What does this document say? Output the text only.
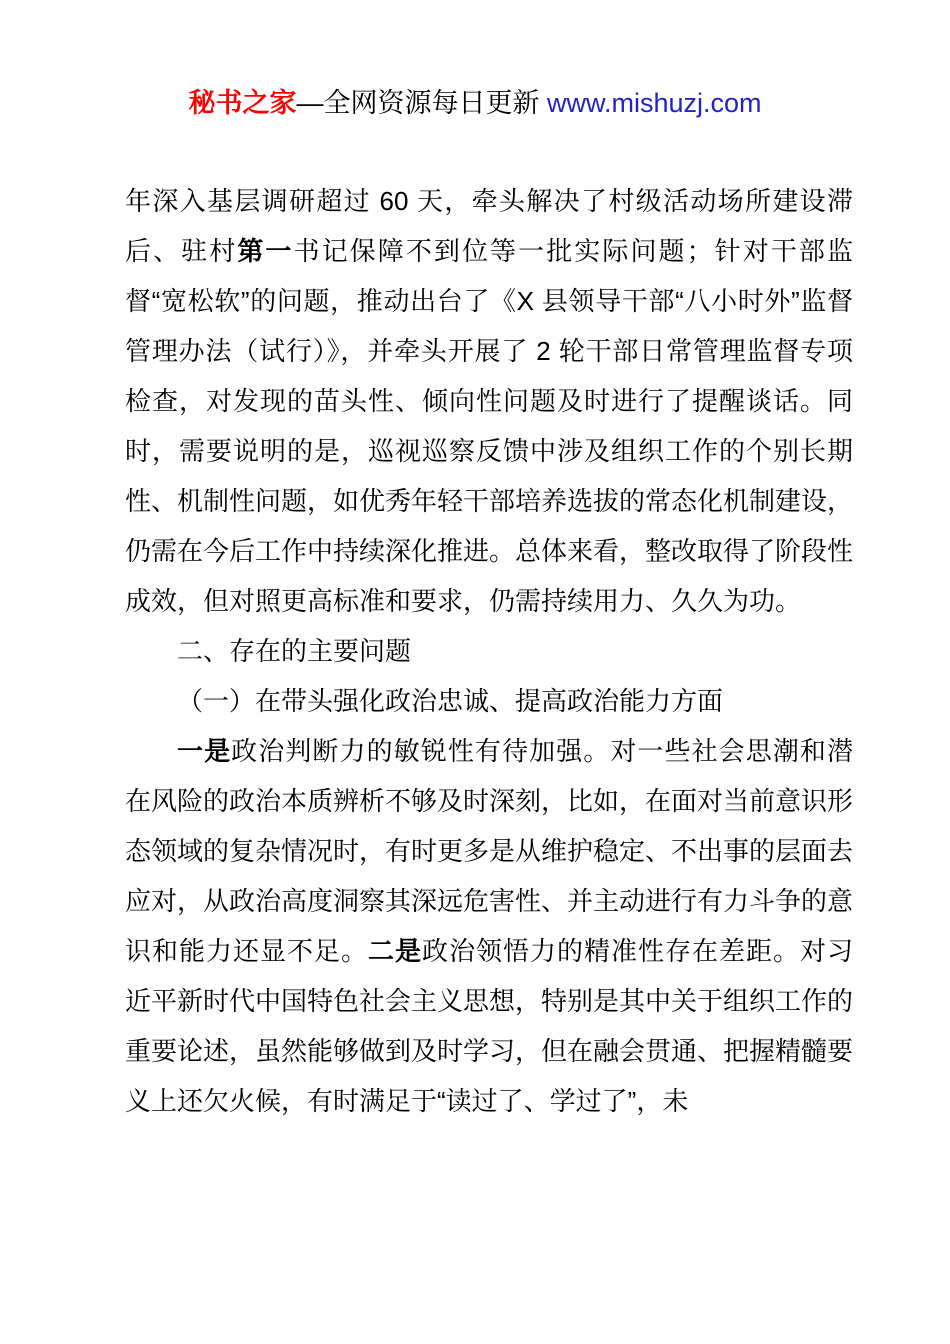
秘书之家—全网资源每日更新 www.mishuzj.com

年深入基层调研超过 60 天，牵头解决了村级活动场所建设滞后、驻村第一书记保障不到位等一批实际问题；针对干部监督“宽松软”的问题，推动出台了《X 县领导干部“八小时外”监督管理办法（试行）》，并牵头开展了 2 轮干部日常管理监督专项检查，对发现的苗头性、倾向性问题及时进行了提醒谈话。同时，需要说明的是，巡视巡察反馈中涉及组织工作的个别长期性、机制性问题，如优秀年轻干部培养选拔的常态化机制建设，仍需在今后工作中持续深化推进。总体来看，整改取得了阶段性成效，但对照更高标准和要求，仍需持续用力、久久为功。

二、存在的主要问题

（一）在带头强化政治忠诚、提高政治能力方面

一是政治判断力的敏锐性有待加强。对一些社会思潮和潜在风险的政治本质辨析不够及时深刻，比如，在面对当前意识形态领域的复杂情况时，有时更多是从维护稳定、不出事的层面去应对，从政治高度洞察其深远危害性、并主动进行有力斗争的意识和能力还显不足。二是政治领悟力的精准性存在差距。对习近平新时代中国特色社会主义思想，特别是其中关于组织工作的重要论述，虽然能够做到及时学习，但在融会贯通、把握精髓要义上还欠火候，有时满足于“读过了、学过了”，未
